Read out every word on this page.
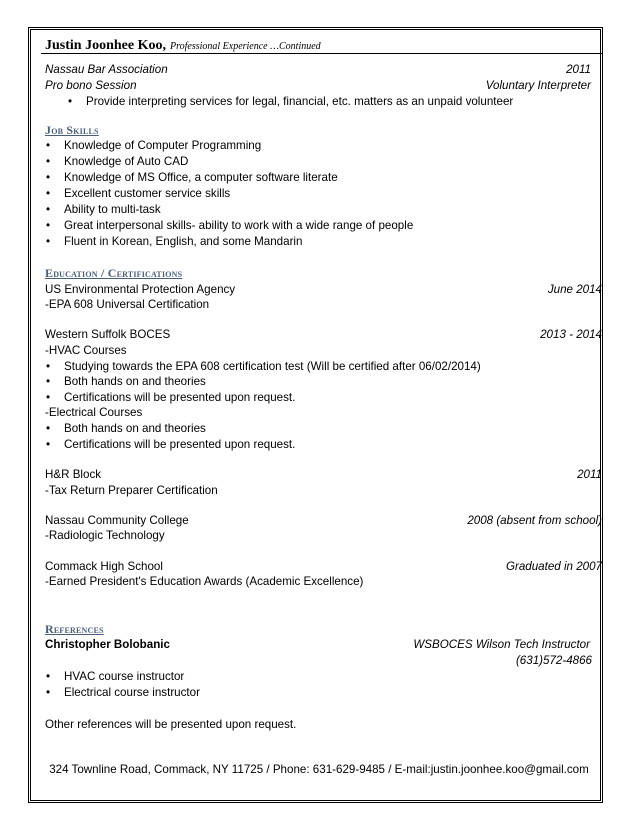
Justin Joonhee Koo, Professional Experience …Continued
Nassau Bar Association	2011
Pro bono Session	Voluntary Interpreter
• Provide interpreting services for legal, financial, etc. matters as an unpaid volunteer
Job Skills
• Knowledge of Computer Programming
• Knowledge of Auto CAD
• Knowledge of MS Office, a computer software literate
• Excellent customer service skills
• Ability to multi-task
• Great interpersonal skills- ability to work with a wide range of people
• Fluent in Korean, English, and some Mandarin
Education / Certifications
US Environmental Protection Agency	June 2014
-EPA 608 Universal Certification
Western Suffolk BOCES	2013 - 2014
-HVAC Courses
• Studying towards the EPA 608 certification test (Will be certified after 06/02/2014)
• Both hands on and theories
• Certifications will be presented upon request.
-Electrical Courses
• Both hands on and theories
• Certifications will be presented upon request.
H&R Block	2011
-Tax Return Preparer Certification
Nassau Community College	2008 (absent from school)
-Radiologic Technology
Commack High School	Graduated in 2007
-Earned President's Education Awards (Academic Excellence)
References
Christopher Bolobanic	WSBOCES Wilson Tech Instructor
(631)572-4866
• HVAC course instructor
• Electrical course instructor
Other references will be presented upon request.
324 Townline Road, Commack, NY 11725 / Phone: 631-629-9485 / E-mail:justin.joonhee.koo@gmail.com
